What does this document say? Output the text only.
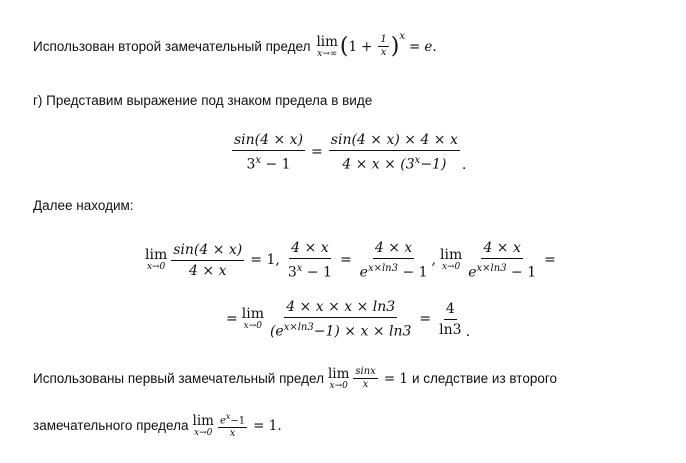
Использован второй замечательный предел lim
x→∞ ( $1 + \frac{1}{x}$ ) x
= e.
г) Представим выражение под знаком предела в виде
$\frac{\sin(4 \times x)}{3^x - 1} = \frac{\sin(4 \times x) \times 4 \times x}{4 \times x \times (3^x-1)}$ .
Далее находим:
lim
$x\to 0 \frac{\sin(4 \times x)}{4 \times x} = 1$, $\frac{4 \times x}{3^x - 1} = \frac{4 \times x}{e^{x\times ln3} - 1}$ , lim
$x\to 0 \frac{4 \times x}{e^{x\times ln3} - 1}$ =
= lim
$x\to 0 \frac{4 \times x \times x \times \ln 3}{(e^{x\times ln3}-1) \times x \times \ln 3} = \frac{4}{\ln 3}$ .
Использованы первый замечательный предел lim
$x\to 0 \frac{\sin x}{x} = 1$ и следствие из второго
замечательного предела lim
$x\to 0 \frac{e^x-1}{x} = 1$.
